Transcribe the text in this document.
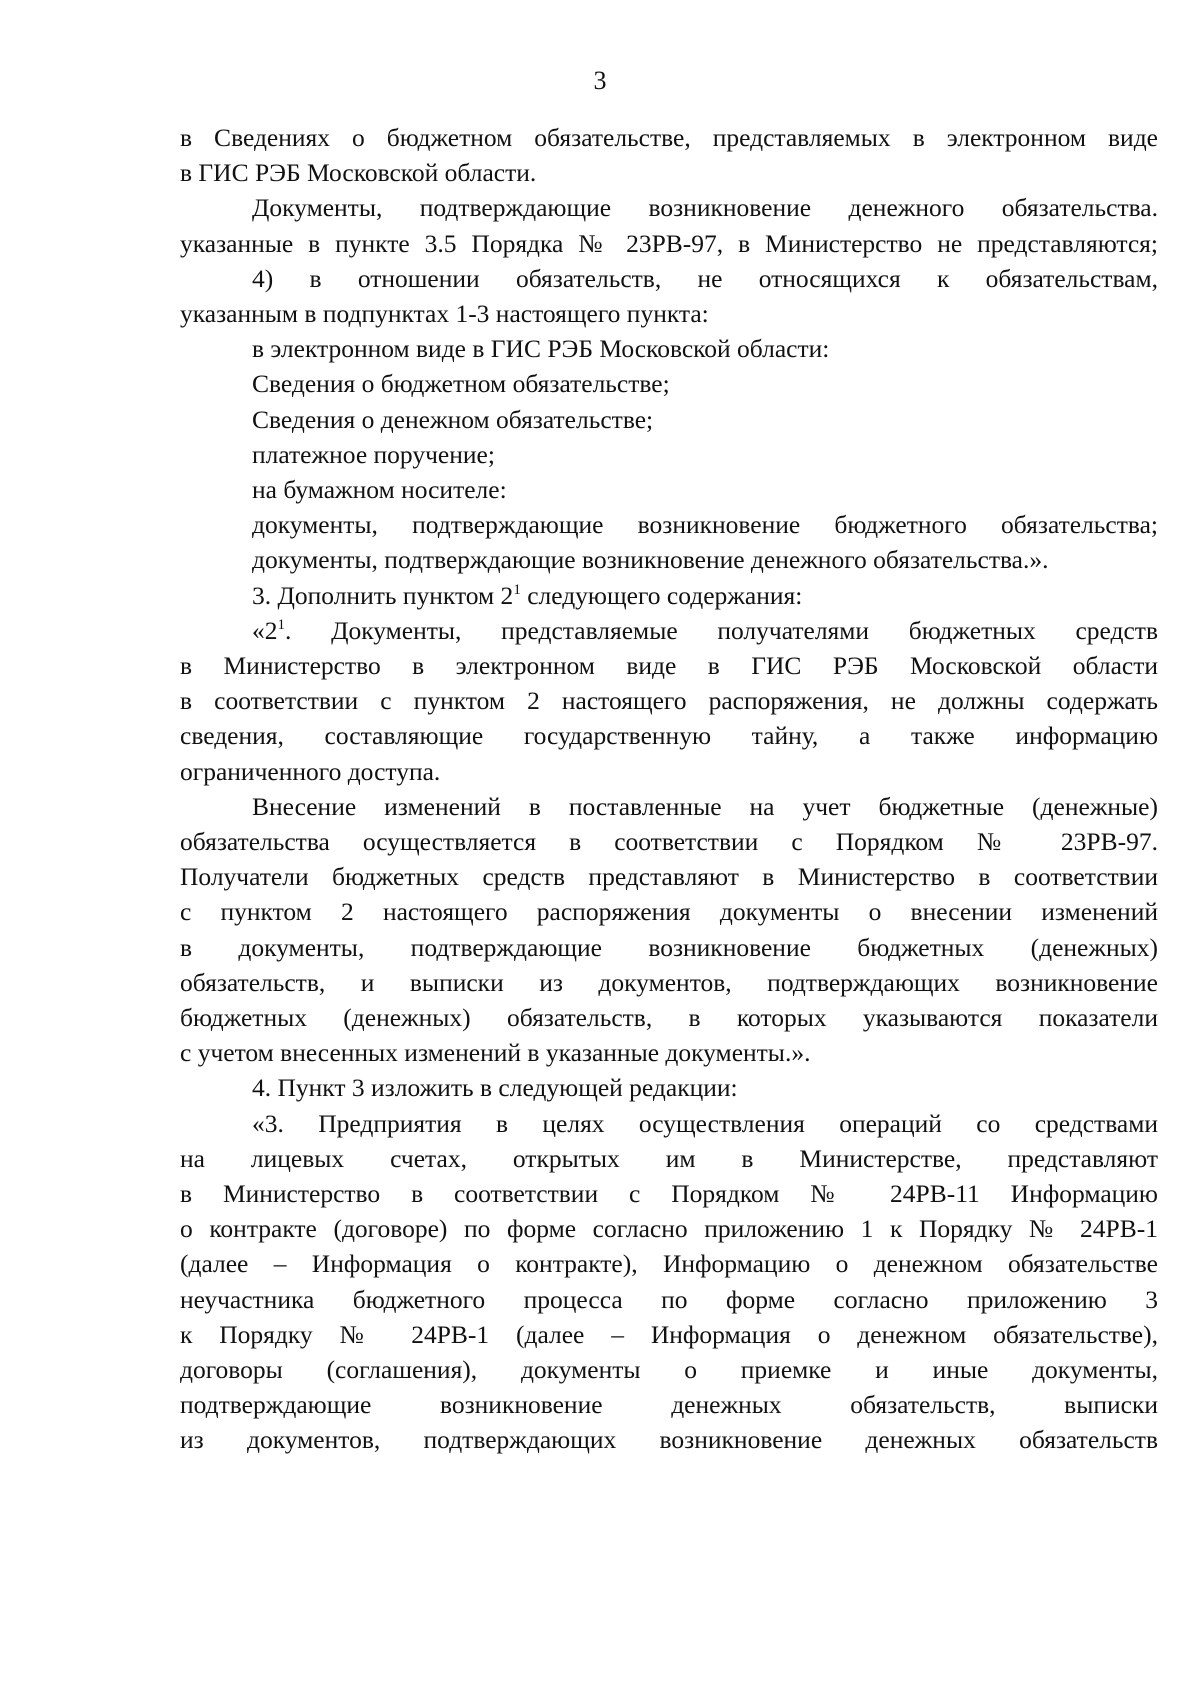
3
в Сведениях о бюджетном обязательстве, представляемых в электронном виде
в ГИС РЭБ Московской области.
Документы, подтверждающие возникновение денежного обязательства.
указанные в пункте 3.5 Порядка № 23РВ-97, в Министерство не представляются;
4) в отношении обязательств, не относящихся к обязательствам,
указанным в подпунктах 1-3 настоящего пункта:
в электронном виде в ГИС РЭБ Московской области:
Сведения о бюджетном обязательстве;
Сведения о денежном обязательстве;
платежное поручение;
на бумажном носителе:
документы, подтверждающие возникновение бюджетного обязательства;
документы, подтверждающие возникновение денежного обязательства.».
3. Дополнить пунктом $2^1$ следующего содержания:
«$2^1$. Документы, представляемые получателями бюджетных средств
в Министерство в электронном виде в ГИС РЭБ Московской области
в соответствии с пунктом 2 настоящего распоряжения, не должны содержать
сведения, составляющие государственную тайну, а также информацию
ограниченного доступа.
Внесение изменений в поставленные на учет бюджетные (денежные)
обязательства осуществляется в соответствии с Порядком № 23РВ-97.
Получатели бюджетных средств представляют в Министерство в соответствии
с пунктом 2 настоящего распоряжения документы о внесении изменений
в документы, подтверждающие возникновение бюджетных (денежных)
обязательств, и выписки из документов, подтверждающих возникновение
бюджетных (денежных) обязательств, в которых указываются показатели
с учетом внесенных изменений в указанные документы.».
4. Пункт 3 изложить в следующей редакции:
«3. Предприятия в целях осуществления операций со средствами
на лицевых счетах, открытых им в Министерстве, представляют
в Министерство в соответствии с Порядком № 24РВ-11 Информацию
о контракте (договоре) по форме согласно приложению 1 к Порядку № 24РВ-1
(далее – Информация о контракте), Информацию о денежном обязательстве
неучастника бюджетного процесса по форме согласно приложению 3
к Порядку № 24РВ-1 (далее – Информация о денежном обязательстве),
договоры (соглашения), документы о приемке и иные документы,
подтверждающие возникновение денежных обязательств, выписки
из документов, подтверждающих возникновение денежных обязательств
